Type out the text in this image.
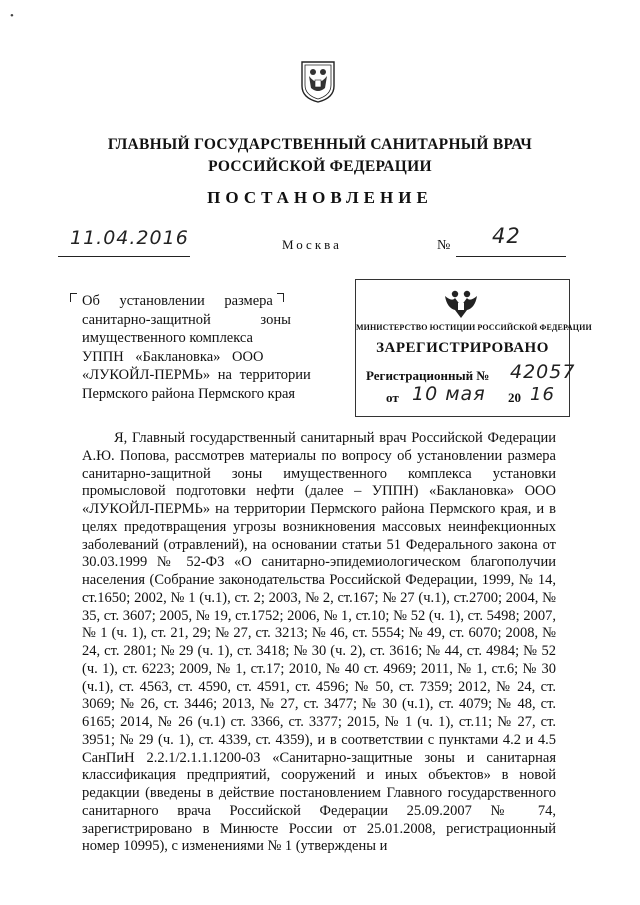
•
ГЛАВНЫЙ ГОСУДАРСТВЕННЫЙ САНИТАРНЫЙ ВРАЧ
РОССИЙСКОЙ ФЕДЕРАЦИИ
ПОСТАНОВЛЕНИЕ
11.04.2016	Москва	№ 42
Об установлении размера
санитарно-защитной зоны
имущественного комплекса
УППН «Баклановка» ООО
«ЛУКОЙЛ-ПЕРМЬ» на территории
Пермского района Пермского края
МИНИСТЕРСТВО ЮСТИЦИИ РОССИЙСКОЙ ФЕДЕРАЦИИ
ЗАРЕГИСТРИРОВАНО
Регистрационный № 42057
от 10 мая 20 16

Я, Главный государственный санитарный врач Российской Федерации А.Ю. Попова, рассмотрев материалы по вопросу об установлении размера санитарно-защитной зоны имущественного комплекса установки промысловой подготовки нефти (далее – УППН) «Баклановка» ООО «ЛУКОЙЛ-ПЕРМЬ» на территории Пермского района Пермского края, и в целях предотвращения угрозы возникновения массовых неинфекционных заболеваний (отравлений), на основании статьи 51 Федерального закона от 30.03.1999 № 52-ФЗ «О санитарно-эпидемиологическом благополучии населения (Собрание законодательства Российской Федерации, 1999, № 14, ст.1650; 2002, № 1 (ч.1), ст. 2; 2003, № 2, ст.167; № 27 (ч.1), ст.2700; 2004, № 35, ст. 3607; 2005, № 19, ст.1752; 2006, № 1, ст.10; № 52 (ч. 1), ст. 5498; 2007, № 1 (ч. 1), ст. 21, 29; № 27, ст. 3213; № 46, ст. 5554; № 49, ст. 6070; 2008, № 24, ст. 2801; № 29 (ч. 1), ст. 3418; № 30 (ч. 2), ст. 3616; № 44, ст. 4984; № 52 (ч. 1), ст. 6223; 2009, № 1, ст.17; 2010, № 40 ст. 4969; 2011, № 1, ст.6; № 30 (ч.1), ст. 4563, ст. 4590, ст. 4591, ст. 4596; № 50, ст. 7359; 2012, № 24, ст. 3069; № 26, ст. 3446; 2013, № 27, ст. 3477; № 30 (ч.1), ст. 4079; № 48, ст. 6165; 2014, № 26 (ч.1) ст. 3366, ст. 3377; 2015, № 1 (ч. 1), ст.11; № 27, ст. 3951; № 29 (ч. 1), ст. 4339, ст. 4359), и в соответствии с пунктами 4.2 и 4.5 СанПиН 2.2.1/2.1.1.1200-03 «Санитарно-защитные зоны и санитарная классификация предприятий, сооружений и иных объектов» в новой редакции (введены в действие постановлением Главного государственного санитарного врача Российской Федерации 25.09.2007 № 74, зарегистрировано в Минюсте России от 25.01.2008, регистрационный номер 10995), с изменениями № 1 (утверждены и
